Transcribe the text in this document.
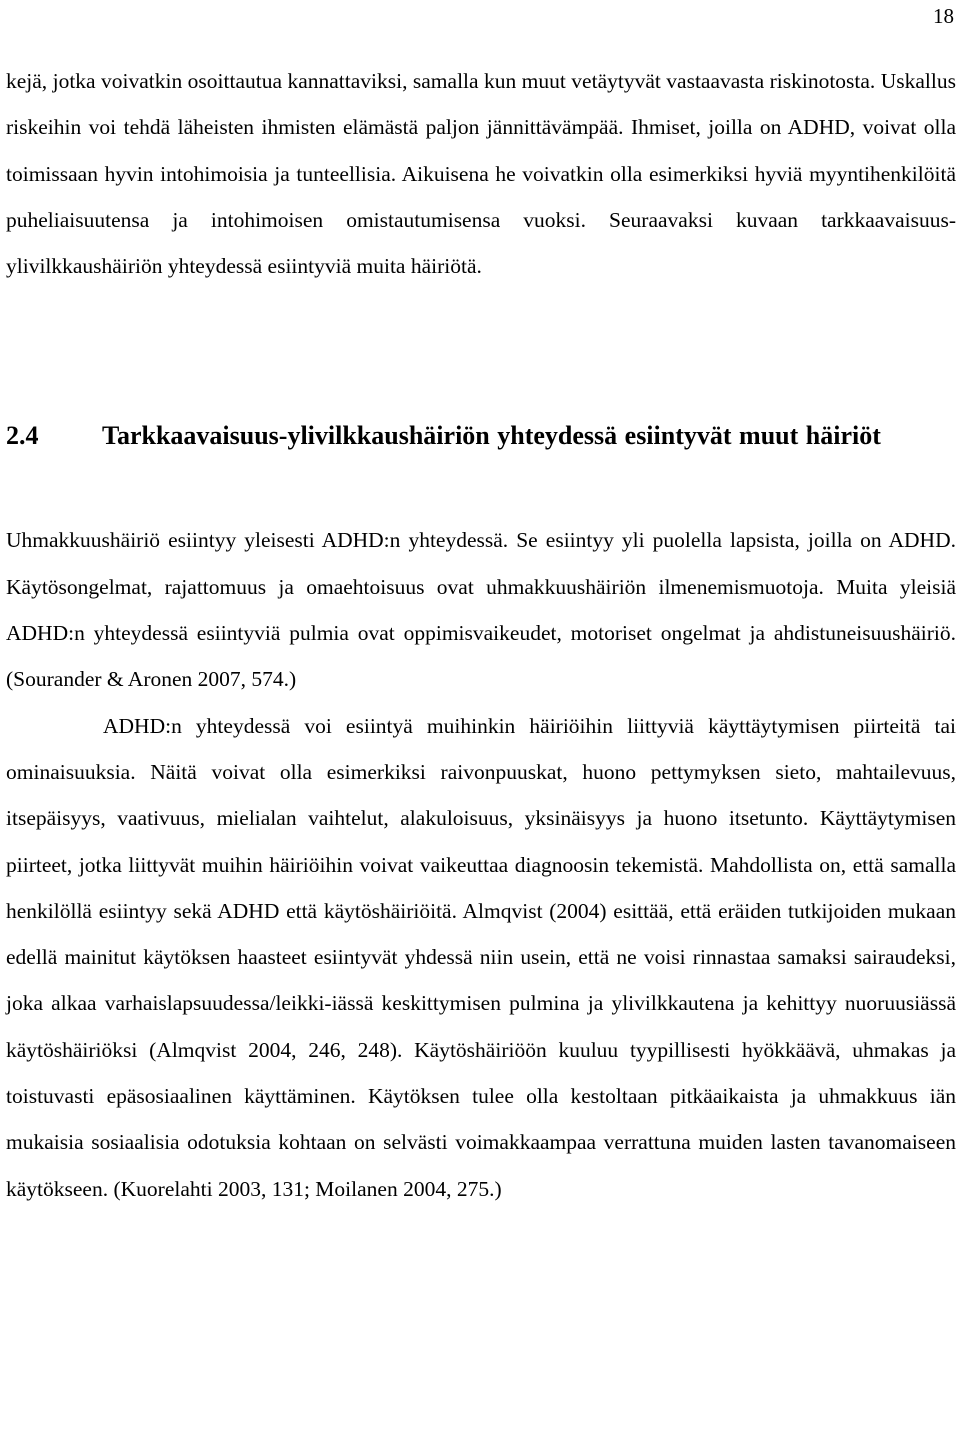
18

kejä, jotka voivatkin osoittautua kannattaviksi, samalla kun muut vetäytyvät vastaavasta riskinotosta. Uskallus riskeihin voi tehdä läheisten ihmisten elämästä paljon jännittävämpää. Ihmiset, joilla on ADHD, voivat olla toimissaan hyvin intohimoisia ja tunteellisia. Aikuisena he voivatkin olla esimerkiksi hyviä myyntihenkilöitä puheliaisuutensa ja intohimoisen omistautumisensa vuoksi. Seuraavaksi kuvaan tarkkaavaisuus-ylivilkkaushäiriön yhteydessä esiintyviä muita häiriötä.

2.4 Tarkkaavaisuus-ylivilkkaushäiriön yhteydessä esiintyvät muut häiriöt

Uhmakkuushäiriö esiintyy yleisesti ADHD:n yhteydessä. Se esiintyy yli puolella lapsista, joilla on ADHD. Käytösongelmat, rajattomuus ja omaehtoisuus ovat uhmakkuushäiriön ilmenemismuotoja. Muita yleisiä ADHD:n yhteydessä esiintyviä pulmia ovat oppimisvaikeudet, motoriset ongelmat ja ahdistuneisuushäiriö. (Sourander & Aronen 2007, 574.)

ADHD:n yhteydessä voi esiintyä muihinkin häiriöihin liittyviä käyttäytymisen piirteitä tai ominaisuuksia. Näitä voivat olla esimerkiksi raivonpuuskat, huono pettymyksen sieto, mahtailevuus, itsepäisyys, vaativuus, mielialan vaihtelut, alakuloisuus, yksinäisyys ja huono itsetunto. Käyttäytymisen piirteet, jotka liittyvät muihin häiriöihin voivat vaikeuttaa diagnoosin tekemistä. Mahdollista on, että samalla henkilöllä esiintyy sekä ADHD että käytöshäiriöitä. Almqvist (2004) esittää, että eräiden tutkijoiden mukaan edellä mainitut käytöksen haasteet esiintyvät yhdessä niin usein, että ne voisi rinnastaa samaksi sairaudeksi, joka alkaa varhaislapsuudessa/leikki-iässä keskittymisen pulmina ja ylivilkkautena ja kehittyy nuoruusiässä käytöshäiriöksi (Almqvist 2004, 246, 248). Käytöshäiriöön kuuluu tyypillisesti hyökkäävä, uhmakas ja toistuvasti epäsosiaalinen käyttäminen. Käytöksen tulee olla kestoltaan pitkäaikaista ja uhmakkuus iän mukaisia sosiaalisia odotuksia kohtaan on selvästi voimakkaampaa verrattuna muiden lasten tavanomaiseen käytökseen. (Kuorelahti 2003, 131; Moilanen 2004, 275.)
